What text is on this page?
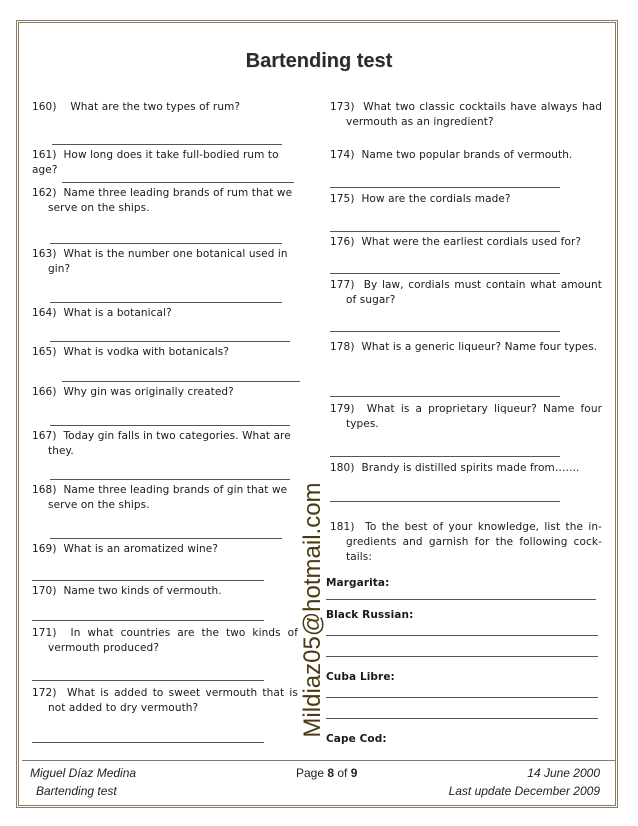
Bartending test
160) What are the two types of rum?
161) How long does it take full-bodied rum to age?
162) Name three leading brands of rum that we serve on the ships.
163) What is the number one botanical used in gin?
164) What is a botanical?
165) What is vodka with botanicals?
166) Why gin was originally created?
167) Today gin falls in two categories. What are they.
168) Name three leading brands of gin that we serve on the ships.
169) What is an aromatized wine?
170) Name two kinds of vermouth.
171) In what countries are the two kinds of vermouth produced?
172) What is added to sweet vermouth that is not added to dry vermouth?	Mildiaz05@hotmail.com
173) What two classic cocktails have always had vermouth as an ingredient?
174) Name two popular brands of vermouth.
175) How are the cordials made?
176) What were the earliest cordials used for?
177) By law, cordials must contain what amount of sugar?
178) What is a generic liqueur? Name four types.
179) What is a proprietary liqueur? Name four types.
180) Brandy is distilled spirits made from…….
181) To the best of your knowledge, list the in-gredients and garnish for the following cock-tails:
Margarita:
Black Russian:
Cuba Libre:
Cape Cod:
Miguel Díaz Medina
Bartending test
Page 8 of 9	14 June 2000
Last update December 2009
